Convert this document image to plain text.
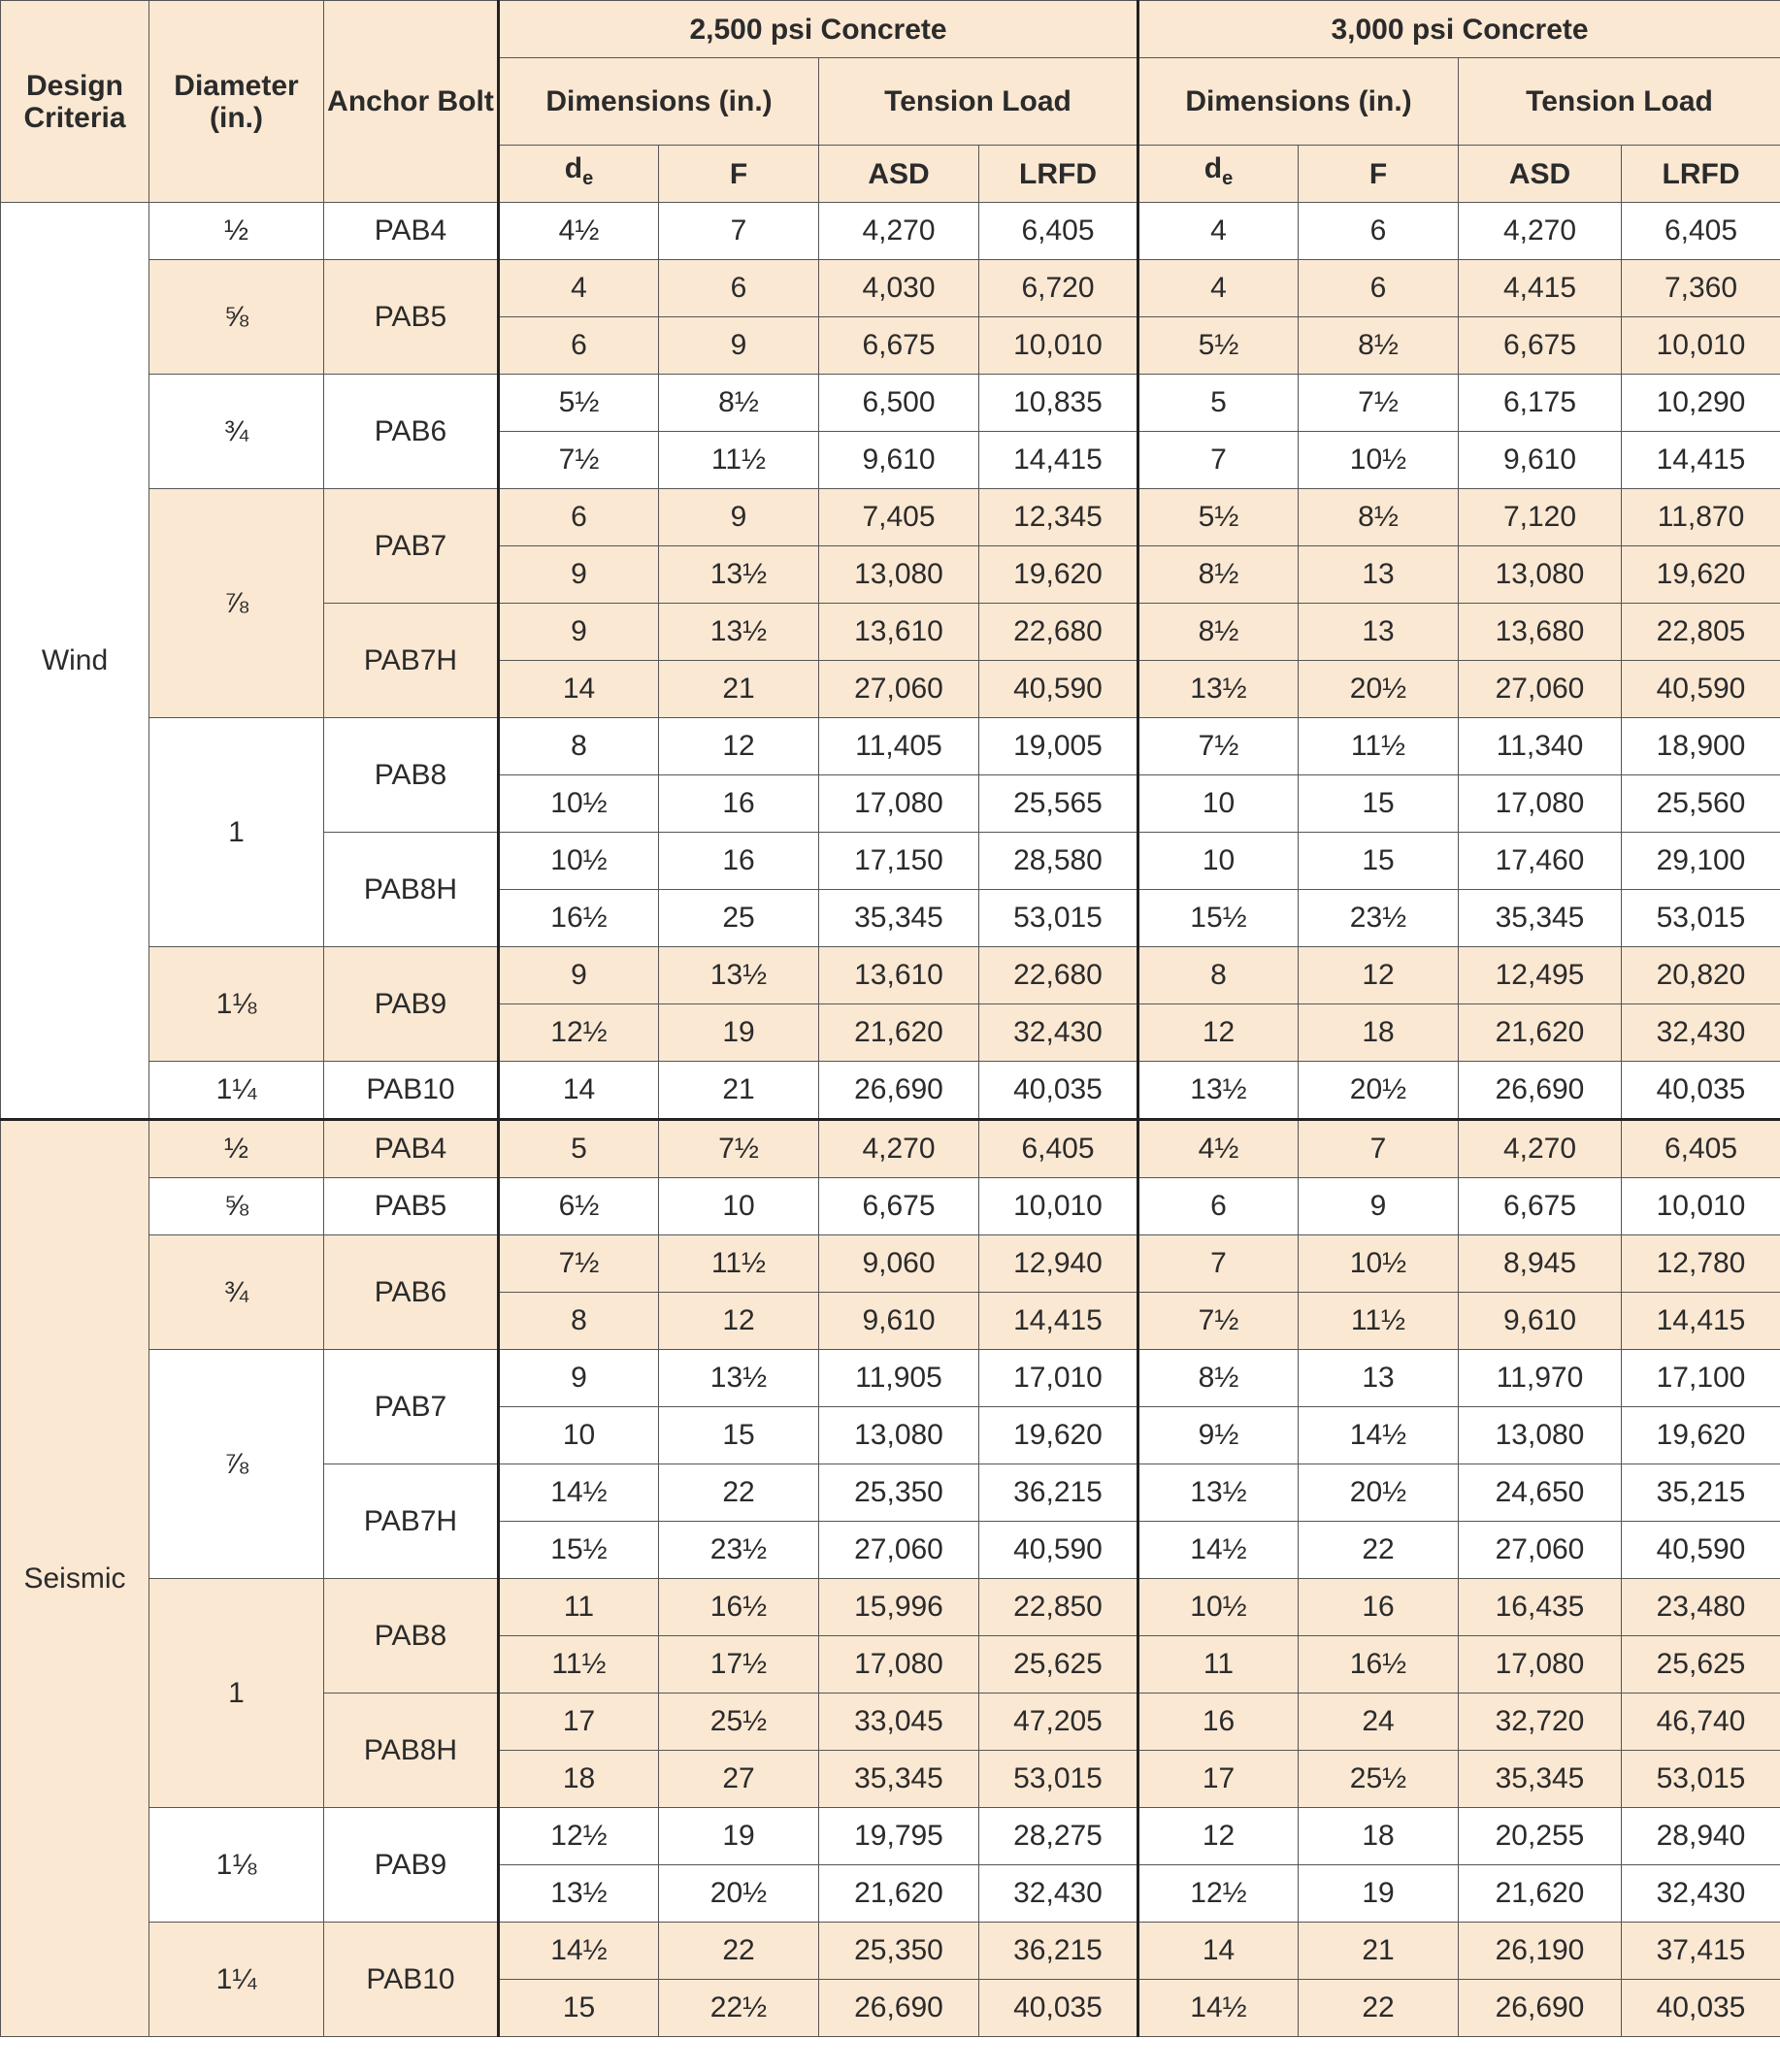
Design Criteria	Diameter (in.)	Anchor Bolt	2,500 psi Concrete				3,000 psi Concrete			
			Dimensions (in.)		Tension Load		Dimensions (in.)		Tension Load	
			$d_e$	F	ASD	LRFD	$d_e$	F	ASD	LRFD
Wind	½	PAB4	4½	7	4,270	6,405	4	6	4,270	6,405
	⅝	PAB5	4	6	4,030	6,720	4	6	4,415	7,360
			6	9	6,675	10,010	5½	8½	6,675	10,010
	¾	PAB6	5½	8½	6,500	10,835	5	7½	6,175	10,290
			7½	11½	9,610	14,415	7	10½	9,610	14,415
	⅞	PAB7	6	9	7,405	12,345	5½	8½	7,120	11,870
			9	13½	13,080	19,620	8½	13	13,080	19,620
		PAB7H	9	13½	13,610	22,680	8½	13	13,680	22,805
			14	21	27,060	40,590	13½	20½	27,060	40,590
	1	PAB8	8	12	11,405	19,005	7½	11½	11,340	18,900
			10½	16	17,080	25,565	10	15	17,080	25,560
		PAB8H	10½	16	17,150	28,580	10	15	17,460	29,100
			16½	25	35,345	53,015	15½	23½	35,345	53,015
	1⅛	PAB9	9	13½	13,610	22,680	8	12	12,495	20,820
			12½	19	21,620	32,430	12	18	21,620	32,430
	1¼	PAB10	14	21	26,690	40,035	13½	20½	26,690	40,035
Seismic	½	PAB4	5	7½	4,270	6,405	4½	7	4,270	6,405
	⅝	PAB5	6½	10	6,675	10,010	6	9	6,675	10,010
	¾	PAB6	7½	11½	9,060	12,940	7	10½	8,945	12,780
			8	12	9,610	14,415	7½	11½	9,610	14,415
	⅞	PAB7	9	13½	11,905	17,010	8½	13	11,970	17,100
			10	15	13,080	19,620	9½	14½	13,080	19,620
		PAB7H	14½	22	25,350	36,215	13½	20½	24,650	35,215
			15½	23½	27,060	40,590	14½	22	27,060	40,590
	1	PAB8	11	16½	15,996	22,850	10½	16	16,435	23,480
			11½	17½	17,080	25,625	11	16½	17,080	25,625
		PAB8H	17	25½	33,045	47,205	16	24	32,720	46,740
			18	27	35,345	53,015	17	25½	35,345	53,015
	1⅛	PAB9	12½	19	19,795	28,275	12	18	20,255	28,940
			13½	20½	21,620	32,430	12½	19	21,620	32,430
	1¼	PAB10	14½	22	25,350	36,215	14	21	26,190	37,415
			15	22½	26,690	40,035	14½	22	26,690	40,035
